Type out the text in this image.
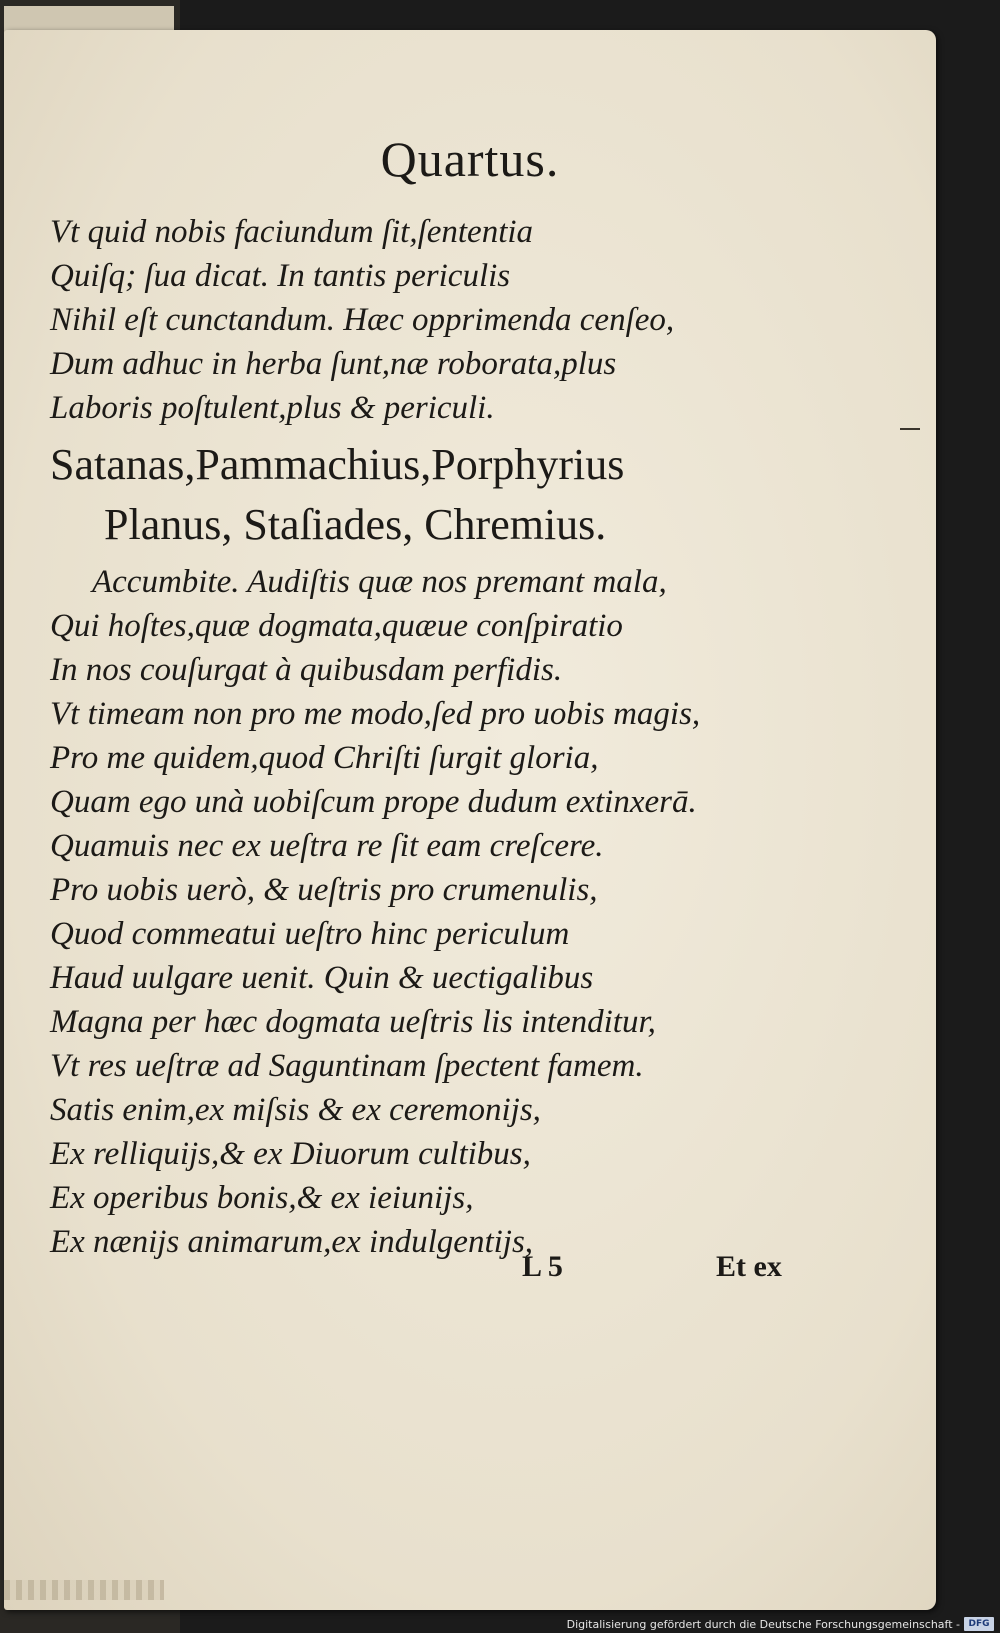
Quartus.

Vt quid nobis faciundum ſit,ſententia

Quiſq; ſua dicat. In tantis periculis

Nihil eſt cunctandum. Hæc opprimenda cenſeo,

Dum adhuc in herba ſunt,næ roborata,plus

Laboris poſtulent,plus & periculi.

Satanas,Pammachius,Porphyrius

Planus, Staſiades, Chremius.

Accumbite. Audiſtis quæ nos premant mala,

Qui hoſtes,quæ dogmata,quæue conſpiratio

In nos couſurgat à quibusdam perfidis.

Vt timeam non pro me modo,ſed pro uobis magis,

Pro me quidem,quod Chriſti ſurgit gloria,

Quam ego unà uobiſcum prope dudum extinxerā.

Quamuis nec ex ueſtra re ſit eam creſcere.

Pro uobis uerò, & ueſtris pro crumenulis,

Quod commeatui ueſtro hinc periculum

Haud uulgare uenit. Quin & uectigalibus

Magna per hæc dogmata ueſtris lis intenditur,

Vt res ueſtræ ad Saguntinam ſpectent famem.

Satis enim,ex miſsis & ex ceremonijs,

Ex relliquijs,& ex Diuorum cultibus,

Ex operibus bonis,& ex ieiunijs,

Ex nænijs animarum,ex indulgentijs,

L 5	Et ex
Digitalisierung gefördert durch die Deutsche Forschungsgemeinschaft - DFG
